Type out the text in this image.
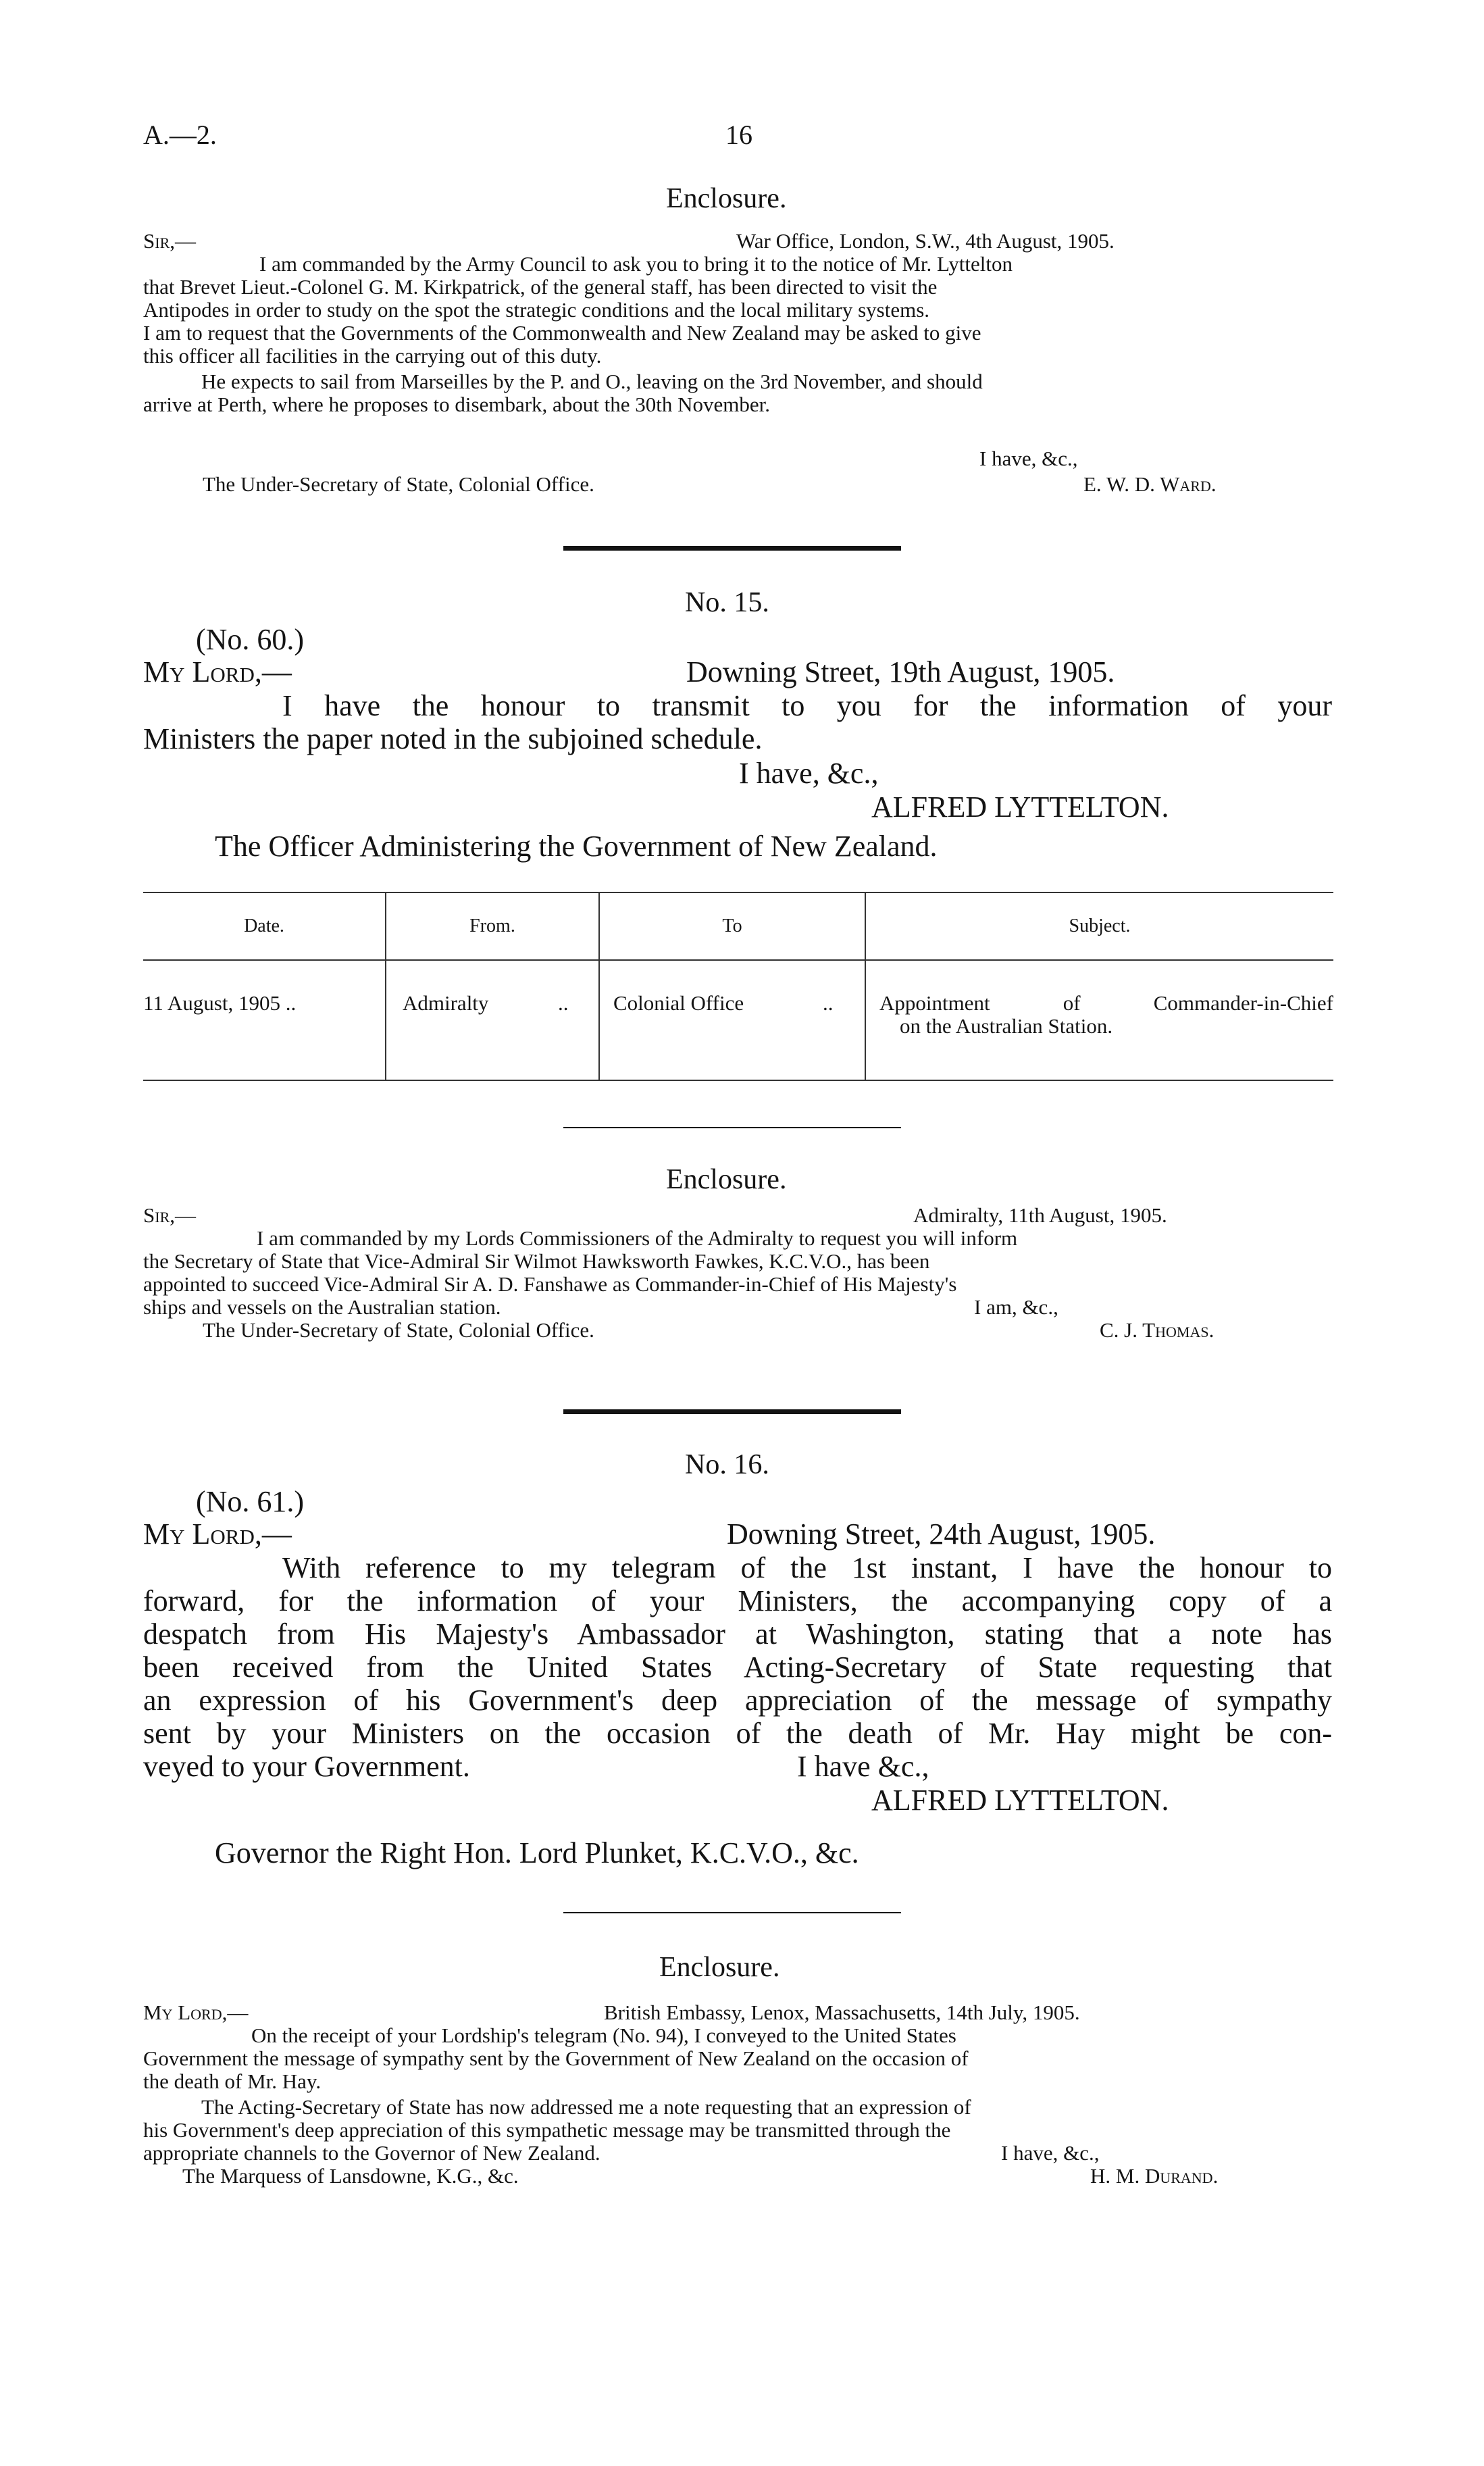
A.—2.	16
Enclosure.
Sir,—	War Office, London, S.W., 4th August, 1905.
I am commanded by the Army Council to ask you to bring it to the notice of Mr. Lyttelton
that Brevet Lieut.-Colonel G. M. Kirkpatrick, of the general staff, has been directed to visit the
Antipodes in order to study on the spot the strategic conditions and the local military systems.
I am to request that the Governments of the Commonwealth and New Zealand may be asked to give
this officer all facilities in the carrying out of this duty.
He expects to sail from Marseilles by the P. and O., leaving on the 3rd November, and should
arrive at Perth, where he proposes to disembark, about the 30th November.
I have, &c.,
The Under-Secretary of State, Colonial Office.	E. W. D. Ward.
No. 15.
(No. 60.)
My Lord,—	Downing Street, 19th August, 1905.
I have the honour to transmit to you for the information of your
Ministers the paper noted in the subjoined schedule.
I have, &c.,
ALFRED LYTTELTON.
The Officer Administering the Government of New Zealand.
Date.	From.	To	Subject.
11 August, 1905 ..	Admiralty	.. Colonial Office	.. Appointment of Commander-in-Chief
on the Australian Station.
Enclosure.
Sir,—	Admiralty, 11th August, 1905.
I am commanded by my Lords Commissioners of the Admiralty to request you will inform
the Secretary of State that Vice-Admiral Sir Wilmot Hawksworth Fawkes, K.C.V.O., has been
appointed to succeed Vice-Admiral Sir A. D. Fanshawe as Commander-in-Chief of His Majesty's
ships and vessels on the Australian station.	I am, &c.,
The Under-Secretary of State, Colonial Office.	C. J. Thomas.
No. 16.
(No. 61.)
My Lord,—	Downing Street, 24th August, 1905.
With reference to my telegram of the 1st instant, I have the honour to
forward, for the information of your Ministers, the accompanying copy of a
despatch from His Majesty's Ambassador at Washington, stating that a note has
been received from the United States Acting-Secretary of State requesting that
an expression of his Government's deep appreciation of the message of sympathy
sent by your Ministers on the occasion of the death of Mr. Hay might be con-
veyed to your Government.	I have &c.,
ALFRED LYTTELTON.
Governor the Right Hon. Lord Plunket, K.C.V.O., &c.
Enclosure.
My Lord,—	British Embassy, Lenox, Massachusetts, 14th July, 1905.
On the receipt of your Lordship's telegram (No. 94), I conveyed to the United States
Government the message of sympathy sent by the Government of New Zealand on the occasion of
the death of Mr. Hay.
The Acting-Secretary of State has now addressed me a note requesting that an expression of
his Government's deep appreciation of this sympathetic message may be transmitted through the
appropriate channels to the Governor of New Zealand.	I have, &c.,
The Marquess of Lansdowne, K.G., &c.	H. M. Durand.
